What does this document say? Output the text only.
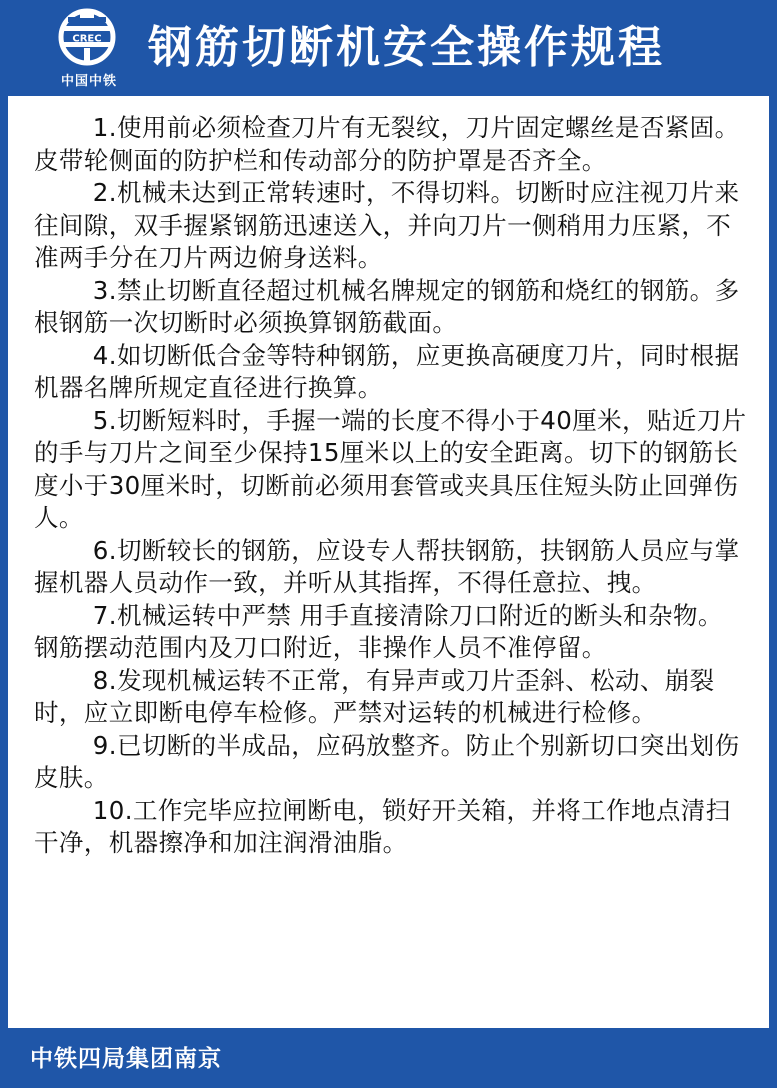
CREC
中国中铁
钢筋切断机安全操作规程

1.使用前必须检查刀片有无裂纹，刀片固定螺丝是否紧固。皮带轮侧面的防护栏和传动部分的防护罩是否齐全。

2.机械未达到正常转速时，不得切料。切断时应注视刀片来往间隙，双手握紧钢筋迅速送入，并向刀片一侧稍用力压紧，不准两手分在刀片两边俯身送料。

3.禁止切断直径超过机械名牌规定的钢筋和烧红的钢筋。多根钢筋一次切断时必须换算钢筋截面。

4.如切断低合金等特种钢筋，应更换高硬度刀片，同时根据机器名牌所规定直径进行换算。

5.切断短料时，手握一端的长度不得小于40厘米，贴近刀片的手与刀片之间至少保持15厘米以上的安全距离。切下的钢筋长度小于30厘米时，切断前必须用套管或夹具压住短头防止回弹伤人。

6.切断较长的钢筋，应设专人帮扶钢筋，扶钢筋人员应与掌握机器人员动作一致，并听从其指挥，不得任意拉、拽。

7.机械运转中严禁 用手直接清除刀口附近的断头和杂物。钢筋摆动范围内及刀口附近，非操作人员不准停留。

8.发现机械运转不正常，有异声或刀片歪斜、松动、崩裂时，应立即断电停车检修。严禁对运转的机械进行检修。

9.已切断的半成品，应码放整齐。防止个别新切口突出划伤皮肤。

10.工作完毕应拉闸断电，锁好开关箱，并将工作地点清扫干净，机器擦净和加注润滑油脂。

中铁四局集团南京
